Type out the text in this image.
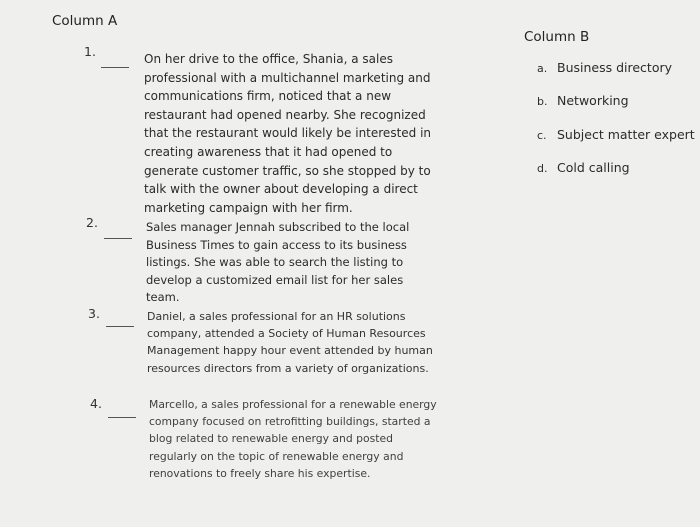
Column A
Column B
1.	On her drive to the office, Shania, a sales professional with a multichannel marketing and communications firm, noticed that a new restaurant had opened nearby. She recognized that the restaurant would likely be interested in creating awareness that it had opened to generate customer traffic, so she stopped by to talk with the owner about developing a direct marketing campaign with her firm.
2.	Sales manager Jennah subscribed to the local Business Times to gain access to its business listings. She was able to search the listing to develop a customized email list for her sales team.
3.	Daniel, a sales professional for an HR solutions company, attended a Society of Human Resources Management happy hour event attended by human resources directors from a variety of organizations.
4.	Marcello, a sales professional for a renewable energy company focused on retrofitting buildings, started a blog related to renewable energy and posted regularly on the topic of renewable energy and renovations to freely share his expertise.
a. Business directory
b. Networking
c. Subject matter expert
d. Cold calling
